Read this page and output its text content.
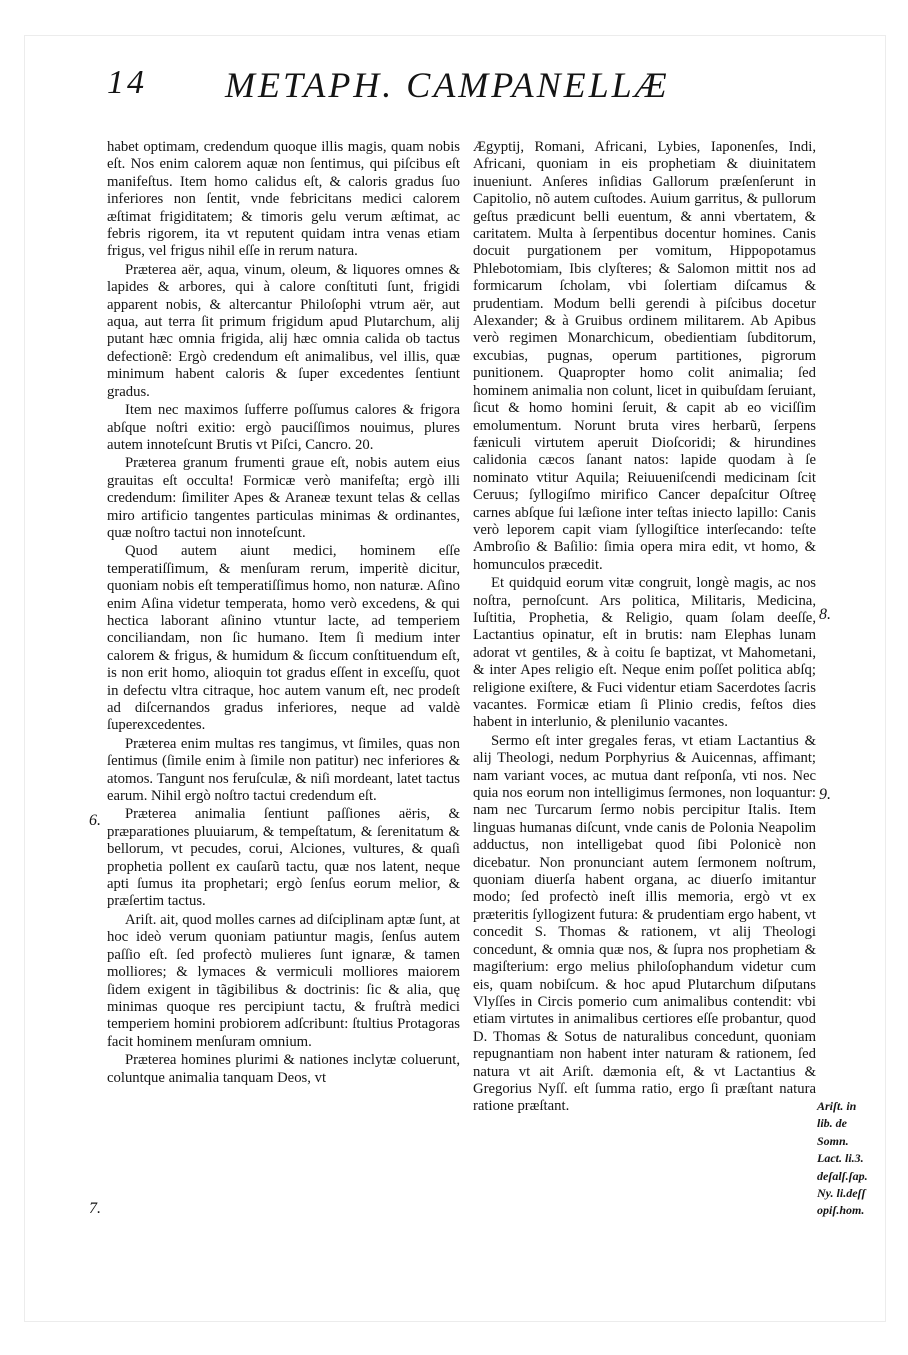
14 METAPH. CAMPANELLÆ

habet optimam, credendum quoque illis magis, quam nobis eſt. Nos enim calorem aquæ non ſentimus, qui piſcibus eſt manifeſtus. Item homo calidus eſt, & caloris gradus ſuo inferiores non ſentit, vnde febricitans medici calorem æſtimat frigiditatem; & timoris gelu verum æſtimat, ac febris rigorem, ita vt reputent quidam intra venas etiam frigus, vel frigus nihil eſſe in rerum natura.

Præterea aër, aqua, vinum, oleum, & liquores omnes & lapides & arbores, qui à calore conſtituti ſunt, frigidi apparent nobis, & altercantur Philoſophi vtrum aër, aut aqua, aut terra ſit primum frigidum apud Plutarchum, alij putant hæc omnia frigida, alij hæc omnia calida ob tactus defectionẽ: Ergò credendum eſt animalibus, vel illis, quæ minimum habent caloris & ſuper excedentes ſentiunt gradus.

Item nec maximos ſufferre poſſumus calores & frigora abſque noſtri exitio: ergò pauciſſimos nouimus, plures autem innoteſcunt Brutis vt Piſci, Cancro. 20.

Præterea granum frumenti graue eſt, nobis autem eius grauitas eſt occulta! Formicæ verò manifeſta; ergò illi credendum: ſimiliter Apes & Araneæ texunt telas & cellas miro artificio tangentes particulas minimas & ordinantes, quæ noſtro tactui non innoteſcunt.

Quod autem aiunt medici, hominem eſſe temperatiſſimum, & menſuram rerum, imperitè dicitur, quoniam nobis eſt temperatiſſimus homo, non naturæ. Aſino enim Aſina videtur temperata, homo verò excedens, & qui hectica laborant aſinino vtuntur lacte, ad temperiem conciliandam, non ſic humano. Item ſi medium inter calorem & frigus, & humidum & ſiccum conſtituendum eſt, is non erit homo, alioquin tot gradus eſſent in exceſſu, quot in defectu vltra citraque, hoc autem vanum eſt, nec prodeſt ad diſcernandos gradus inferiores, neque ad valdè ſuperexcedentes.

Præterea enim multas res tangimus, vt ſimiles, quas non ſentimus (ſimile enim à ſimile non patitur) nec inferiores & atomos. Tangunt nos feruſculæ, & niſi mordeant, latet tactus earum. Nihil ergò noſtro tactui credendum eſt.

Præterea animalia ſentiunt paſſiones aëris, & præparationes pluuiarum, & tempeſtatum, & ſerenitatum & bellorum, vt pecudes, corui, Alciones, vultures, & quaſi prophetia pollent ex cauſarũ tactu, quæ nos latent, neque apti ſumus ita prophetari; ergò ſenſus eorum melior, & præſertim tactus.

Ariſt. ait, quod molles carnes ad diſciplinam aptæ ſunt, at hoc ideò verum quoniam patiuntur magis, ſenſus autem paſſio eſt. ſed profectò mulieres ſunt ignaræ, & tamen molliores; & lymaces & vermiculi molliores maiorem ſidem exigent in tãgibilibus & doctrinis: ſic & alia, quę minimas quoque res percipiunt tactu, & fruſtrà medici temperiem homini probiorem adſcribunt: ſtultius Protagoras facit hominem menſuram omnium.

Præterea homines plurimi & nationes inclytæ coluerunt, coluntque animalia tanquam Deos, vt

Ægyptij, Romani, Africani, Lybies, Iaponenſes, Indi, Africani, quoniam in eis prophetiam & diuinitatem inueniunt. Anſeres inſidias Gallorum præſenſerunt in Capitolio, nõ autem cuſtodes. Auium garritus, & pullorum geſtus prædicunt belli euentum, & anni vbertatem, & caritatem. Multa à ſerpentibus docentur homines. Canis docuit purgationem per vomitum, Hippopotamus Phlebotomiam, Ibis clyſteres; & Salomon mittit nos ad formicarum ſcholam, vbi ſolertiam diſcamus & prudentiam. Modum belli gerendi à piſcibus docetur Alexander; & à Gruibus ordinem militarem. Ab Apibus verò regimen Monarchicum, obedientiam ſubditorum, excubias, pugnas, operum partitiones, pigrorum punitionem. Quapropter homo colit animalia; ſed hominem animalia non colunt, licet in quibuſdam ſeruiant, ſicut & homo homini ſeruit, & capit ab eo viciſſim emolumentum. Norunt bruta vires herbarũ, ſerpens fæniculi virtutem aperuit Dioſcoridi; & hirundines calidonia cæcos ſanant natos: lapide quodam à ſe nominato vtitur Aquila; Reiuueniſcendi medicinam ſcit Ceruus; ſyllogiſmo mirifico Cancer depaſcitur Oſtreę carnes abſque ſui læſione inter teſtas iniecto lapillo: Canis verò leporem capit viam ſyllogiſtice interſecando: teſte Ambroſio & Baſilio: ſimia opera mira edit, vt homo, & homunculos præcedit.

Et quidquid eorum vitæ congruit, longè magis, ac nos noſtra, pernoſcunt. Ars politica, Militaris, Medicina, Iuſtitia, Prophetia, & Religio, quam ſolam deeſſe, Lactantius opinatur, eſt in brutis: nam Elephas lunam adorat vt gentiles, & à coitu ſe baptizat, vt Mahometani, & inter Apes religio eſt. Neque enim poſſet politica abſq; religione exiſtere, & Fuci videntur etiam Sacerdotes ſacris vacantes. Formicæ etiam ſi Plinio credis, feſtos dies habent in interlunio, & plenilunio vacantes.

Sermo eſt inter gregales feras, vt etiam Lactantius & alij Theologi, nedum Porphyrius & Auicennas, affimant; nam variant voces, ac mutua dant reſponſa, vti nos. Nec quia nos eorum non intelligimus ſermones, non loquantur: nam nec Turcarum ſermo nobis percipitur Italis. Item linguas humanas diſcunt, vnde canis de Polonia Neapolim adductus, non intelligebat quod ſibi Polonicè non dicebatur. Non pronunciant autem ſermonem noſtrum, quoniam diuerſa habent organa, ac diuerſo imitantur modo; ſed profectò ineſt illis memoria, ergò vt ex præteritis ſyllogizent futura: & prudentiam ergo habent, vt concedit S. Thomas & rationem, vt alij Theologi concedunt, & omnia quæ nos, & ſupra nos prophetiam & magiſterium: ergo melius philoſophandum videtur cum eis, quam nobiſcum. & hoc apud Plutarchum diſputans Vlyſſes in Circis pomerio cum animalibus contendit: vbi etiam virtutes in animalibus certiores eſſe probantur, quod D. Thomas & Sotus de naturalibus concedunt, quoniam repugnantiam non habent inter naturam & rationem, ſed natura vt ait Ariſt. dæmonia eſt, & vt Lactantius & Gregorius Nyſſ. eſt ſumma ratio, ergo ſi præſtant natura ratione præſtant.

6.
7.
8.
9.
Ariſt. in
lib. de
Somn.
Lact. li.3.
deſalſ.ſap.
Ny. li.deſſ
opiſ.hom.
